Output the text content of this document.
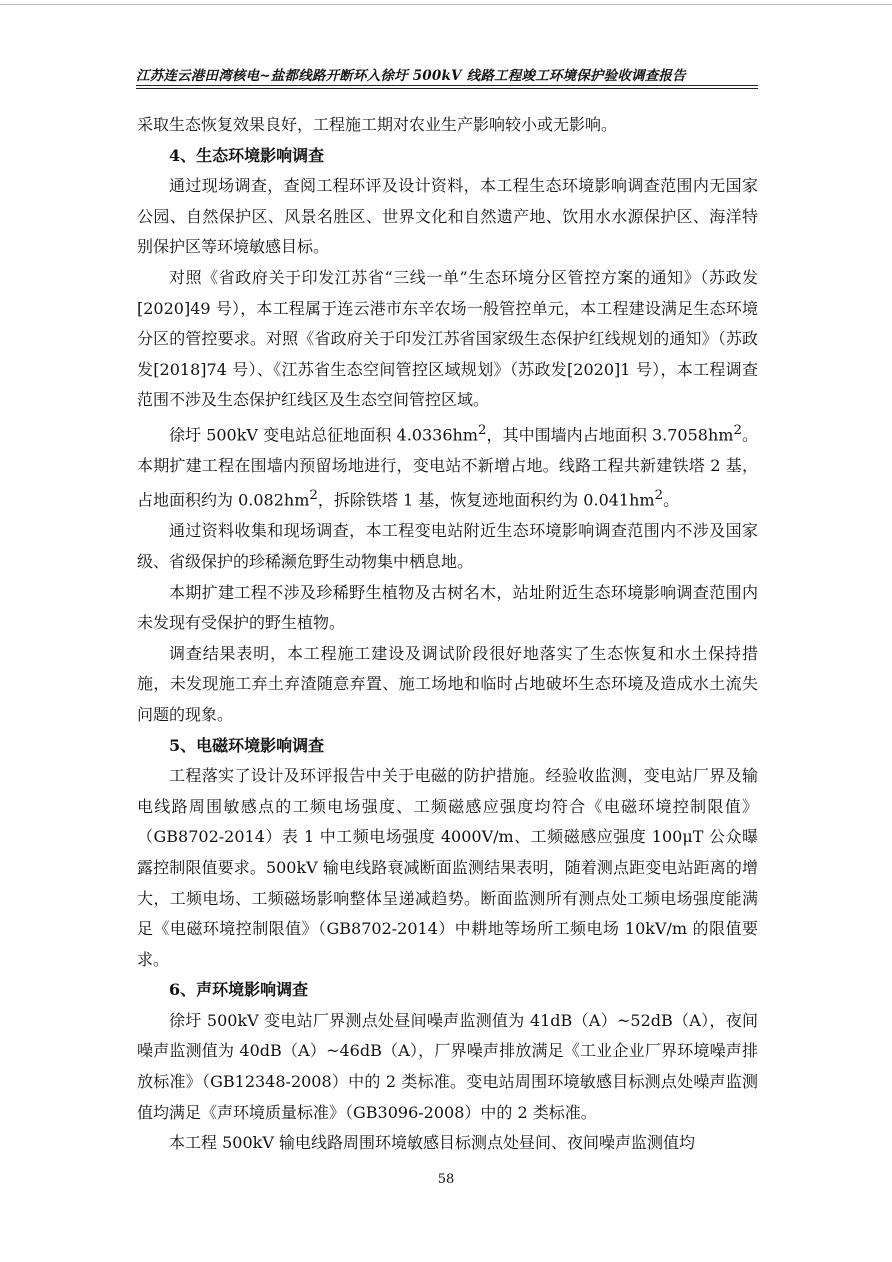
江苏连云港田湾核电~盐都线路开断环入徐圩 500kV 线路工程竣工环境保护验收调查报告

采取生态恢复效果良好，工程施工期对农业生产影响较小或无影响。

4、生态环境影响调查

通过现场调查，查阅工程环评及设计资料，本工程生态环境影响调查范围内无国家公园、自然保护区、风景名胜区、世界文化和自然遗产地、饮用水水源保护区、海洋特别保护区等环境敏感目标。

对照《省政府关于印发江苏省“三线一单”生态环境分区管控方案的通知》（苏政发[2020]49 号），本工程属于连云港市东辛农场一般管控单元，本工程建设满足生态环境分区的管控要求。对照《省政府关于印发江苏省国家级生态保护红线规划的通知》（苏政发[2018]74 号）、《江苏省生态空间管控区域规划》（苏政发[2020]1 号），本工程调查范围不涉及生态保护红线区及生态空间管控区域。

徐圩 500kV 变电站总征地面积 $4.0336hm^2$，其中围墙内占地面积 $3.7058hm^2$。本期扩建工程在围墙内预留场地进行，变电站不新增占地。线路工程共新建铁塔 2 基，占地面积约为 $0.082hm^2$，拆除铁塔 1 基，恢复迹地面积约为 $0.041hm^2$。

通过资料收集和现场调查，本工程变电站附近生态环境影响调查范围内不涉及国家级、省级保护的珍稀濒危野生动物集中栖息地。

本期扩建工程不涉及珍稀野生植物及古树名木，站址附近生态环境影响调查范围内未发现有受保护的野生植物。

调查结果表明，本工程施工建设及调试阶段很好地落实了生态恢复和水土保持措施，未发现施工弃土弃渣随意弃置、施工场地和临时占地破坏生态环境及造成水土流失问题的现象。

5、电磁环境影响调查

工程落实了设计及环评报告中关于电磁的防护措施。经验收监测，变电站厂界及输电线路周围敏感点的工频电场强度、工频磁感应强度均符合《电磁环境控制限值》（GB8702-2014）表 1 中工频电场强度 4000V/m、工频磁感应强度 100μT 公众曝露控制限值要求。500kV 输电线路衰减断面监测结果表明，随着测点距变电站距离的增大，工频电场、工频磁场影响整体呈递减趋势。断面监测所有测点处工频电场强度能满足《电磁环境控制限值》（GB8702-2014）中耕地等场所工频电场 10kV/m 的限值要求。

6、声环境影响调查

徐圩 500kV 变电站厂界测点处昼间噪声监测值为 41dB（A）~52dB（A），夜间噪声监测值为 40dB（A）~46dB（A），厂界噪声排放满足《工业企业厂界环境噪声排放标准》（GB12348-2008）中的 2 类标准。变电站周围环境敏感目标测点处噪声监测值均满足《声环境质量标准》（GB3096-2008）中的 2 类标准。

本工程 500kV 输电线路周围环境敏感目标测点处昼间、夜间噪声监测值均

58
